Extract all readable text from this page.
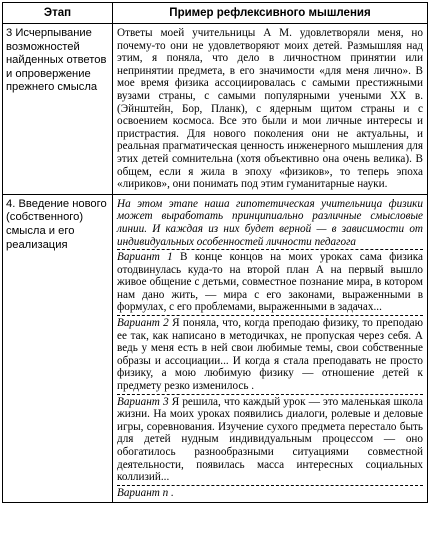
Этап	Пример рефлексивного мышления
3 Исчерпывание возможностей найденных ответов и опровержение прежнего смысла	Ответы моей учительницы А М. удовлетворяли меня, но почему-то они не удовлетворяют моих детей. Размышляя над этим, я поняла, что дело в личностном принятии или непринятии предмета, в его значимости «для меня лично». В мое время физика ассоциировалась с самыми престижными вузами страны, с самыми популярными учеными XX в. (Эйнштейн, Бор, Планк), с ядерным щитом страны и с освоением космоса. Все это были и мои личные интересы и пристрастия. Для нового поколения они не актуальны, и реальная прагматическая ценность инженерного мышления для этих детей сомнительна (хотя объективно она очень велика). В общем, если я жила в эпоху «физиков», то теперь эпоха «лириков», они понимать под этим гуманитарные науки.

4. Введение нового (собственного) смысла и его реализация	На этом этапе наша гипотетическая учительница физики может выработать принципиально различные смысловые линии. И каждая из них будет верной — в зависимости от индивидуальных особенностей личности педагога

Вариант 1 В конце концов на моих уроках сама физика отодвинулась куда-то на второй план А на первый вышло живое общение с детьми, совместное познание мира, в котором нам дано жить, — мира с его законами, выраженными в формулах, с его проблемами, выраженными в задачах...

Вариант 2 Я поняла, что, когда преподаю физику, то преподаю ее так, как написано в методичках, не пропуская через себя. А ведь у меня есть в ней свои любимые темы, свои собственные образы и ассоциации... И когда я стала преподавать не просто физику, а мою любимую физику — отношение детей к предмету резко изменилось .

Вариант 3 Я решила, что каждый урок — это маленькая школа жизни. На моих уроках появились диалоги, ролевые и деловые игры, соревнования. Изучение сухого предмета перестало быть для детей нудным индивидуальным процессом — оно обогатилось разнообразными ситуациями совместной деятельности, появилась масса интересных социальных коллизий...

Вариант п .
